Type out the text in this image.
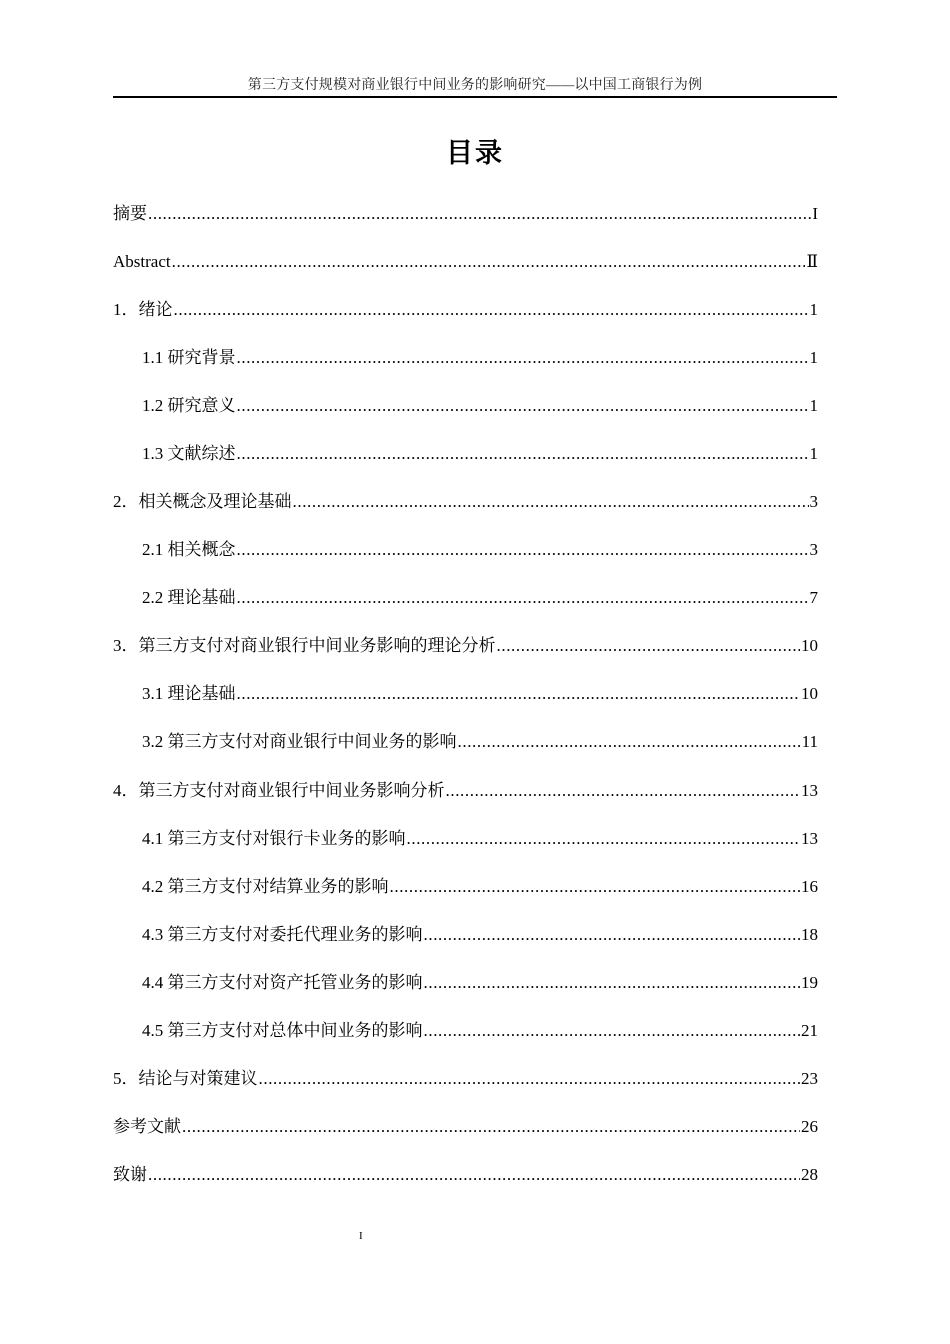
第三方支付规模对商业银行中间业务的影响研究——以中国工商银行为例
目录
摘要 .....	I
Abstract .....	Ⅱ
1．绪论 .....	1
1.1 研究背景 .....	1
1.2 研究意义 .....	1
1.3 文献综述 .....	1
2．相关概念及理论基础 .....	3
2.1 相关概念 .....	3
2.2 理论基础 .....	7
3．第三方支付对商业银行中间业务影响的理论分析 .....	10
3.1 理论基础 .....	10
3.2 第三方支付对商业银行中间业务的影响 .....	11
4．第三方支付对商业银行中间业务影响分析 .....	13
4.1 第三方支付对银行卡业务的影响 .....	13
4.2 第三方支付对结算业务的影响 .....	16
4.3 第三方支付对委托代理业务的影响 .....	18
4.4 第三方支付对资产托管业务的影响 .....	19
4.5 第三方支付对总体中间业务的影响 .....	21
5．结论与对策建议 .....	23
参考文献 .....	26
致谢 .....	28
I
